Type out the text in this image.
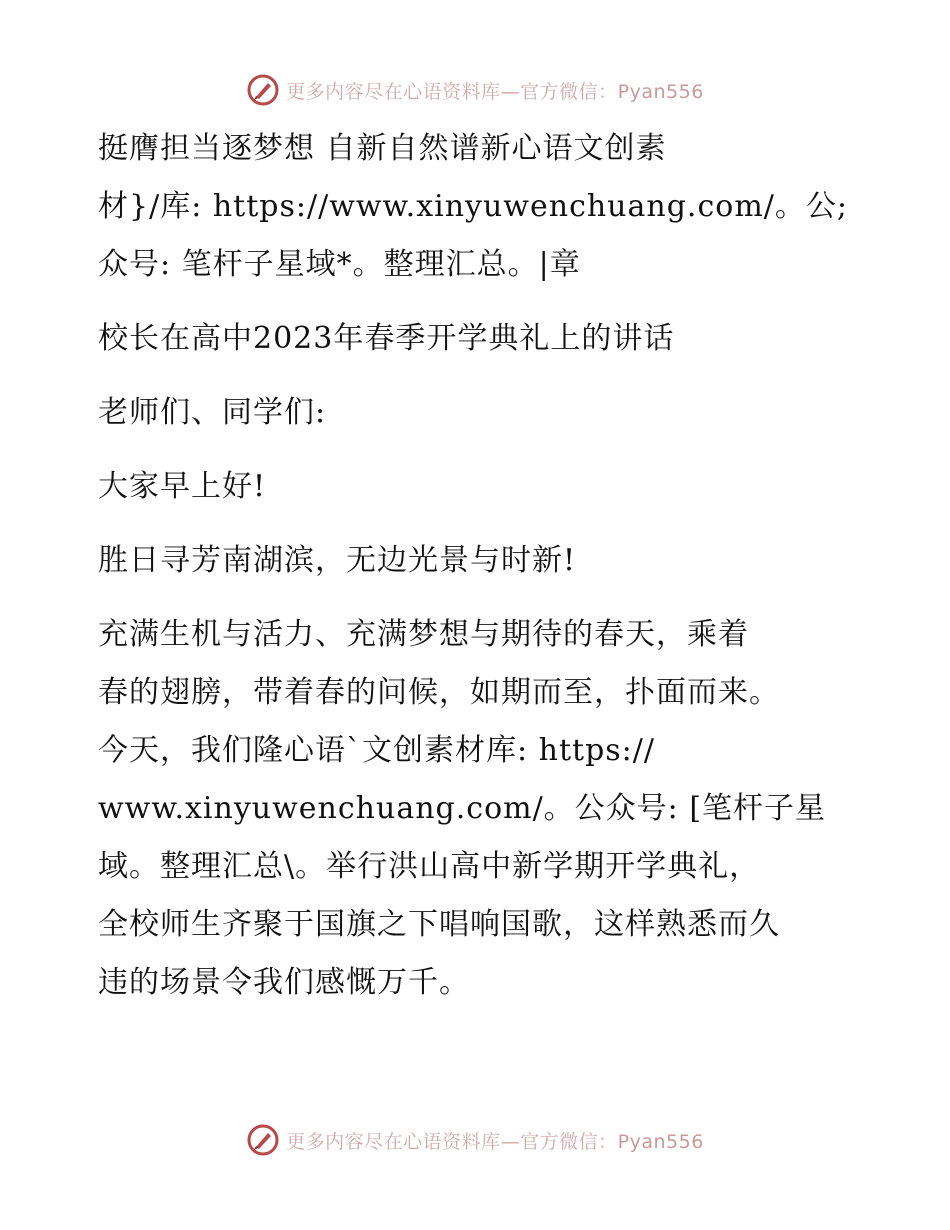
更多内容尽在心语资料库—官方微信：Pyan556

挺膺担当逐梦想 自新自然谱新心语文创素
材}/库: https://www.xinyuwenchuang.com/。公;
众号: 笔杆子星域*。整理汇总。|章

校长在高中2023年春季开学典礼上的讲话

老师们、同学们:

大家早上好!

胜日寻芳南湖滨，无边光景与时新!

充满生机与活力、充满梦想与期待的春天，乘着
春的翅膀，带着春的问候，如期而至，扑面而来。
今天，我们隆心语`文创素材库: https://
www.xinyuwenchuang.com/。公众号: [笔杆子星
域。整理汇总\。举行洪山高中新学期开学典礼，
全校师生齐聚于国旗之下唱响国歌，这样熟悉而久
违的场景令我们感慨万千。

更多内容尽在心语资料库—官方微信：Pyan556
